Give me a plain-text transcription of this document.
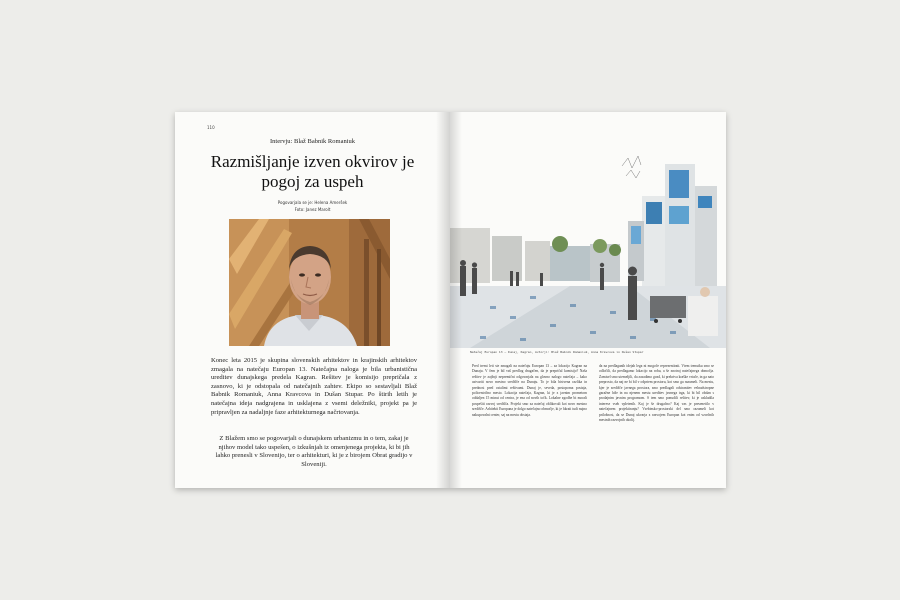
110
Intervju: Blaž Babnik Romaniuk
Razmišljanje izven okvirov je pogoj za uspeh
Pogovarjala se je: Helena Ameršek
Foto: Janez Marolt
Konec leta 2015 je skupina slovenskih arhitektov in krajinskih arhitektov zmagala na natečaju Europan 13. Natečajna naloga je bila urbanistična ureditev dunajskega predela Kagran. Rešitev je komisijo prepričala z zasnovo, ki je odstopala od natečajnih zahtev. Ekipo so sestavljali Blaž Babnik Romaniuk, Anna Kravcova in Dušan Stupar. Po štirih letih je natečajna ideja nadgrajena in usklajena z vsemi deležniki, projekt pa je pripravljen za nadaljnje faze arhitekturnega načrtovanja.
Z Blažem smo se pogovarjali o dunajskem urbanizmu in o tem, zakaj je njihov model tako uspešen, o izkušnjah iz omenjenega projekta, ki bi jih lahko prenesli v Slovenijo, ter o arhitekturi, ki je z birojem Obrat gradijo v Sloveniji.
Natečaj Europan 13 – Dunaj, Kagran, Avtorji: Blaž Babnik Romaniuk, Anna Kravcova in Dušan Stupar
Pred tremi leti ste zmagali na natečaju Europan 13 – za lokacijo Kagran na Dunaju. V čem je bil vaš predlog drugačen, da je prepričal komisijo? Naša rešitev je zajšnji nepremični odgovarjala na glavno nalogo natečaja – kako ustvariti novo mestno središče na Dunaju. To je bila bistvena razlika in prednost pred ostalimi rešitvami. Dunaj je, seveda, postopoma postaja, policentrično mesto. Lokacija natečaja, Kagran, ki je z javnim prometom oddaljen 15 minut od centra, je ena od novih točk. Lokalne zgodbe bi morali pospešiti razvoj središča. Projekt smo za natečaj oblikovali kot novo mestno središče. Arhitekti Europana je dolgo natečajno območje, ki je hkrati tudi nujno nakupovalni center, saj na mestu obstaja.
da na predlaganih idejah lega ni mogoče reprezentirati. Vtem trenutku smo se odločili, da predlagamo lokacijo na robu, a še znotraj natečajnega območja. Zamisel smo utemeljili, da zasadimo gozd, ki prekriva kraške vrtače, in ga nato preprosto, da naj ne bi bil v odprtem prostoru, kot smo ga razumeli. Na mestu, kjer je središče javnega prostora, smo predlagali odstranitev velnadstropne garažne hiše in na njenem mestu ureditev javnega trga, ki bi bil obdan s prodajnim javnim programom. S tem smo ponudili rešitev, ki je uskladila interese vseh vpletenih. Kaj je še drugačno? Kaj vas je presenetilo v natečajnem projektiranju? Vsebinsko-prostorski del smo razumeli kot priložnost, da se Dunaj ukvarja z razvojem Europan kot enim od vzorčnih mestnih razvojnih okolij.
